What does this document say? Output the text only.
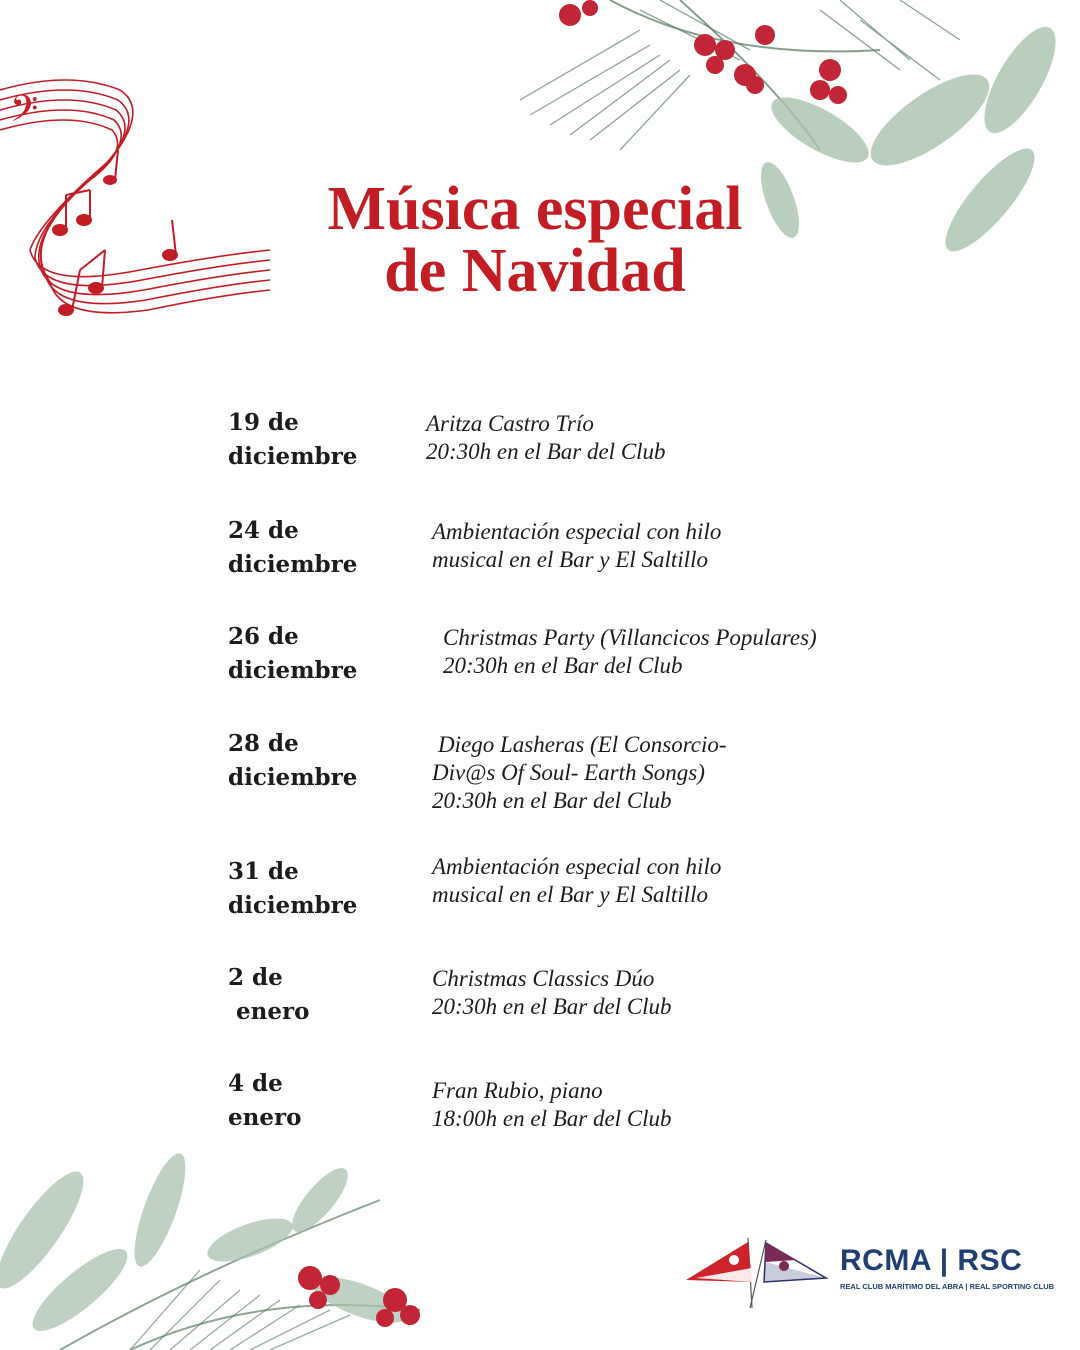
𝄢
Música especial
de Navidad
19 de
diciembre
Aritza Castro Trío
20:30h en el Bar del Club
24 de
diciembre
Ambientación especial con hilo
musical en el Bar y El Saltillo
26 de
diciembre
Christmas Party (Villancicos Populares)
20:30h en el Bar del Club
28 de
diciembre
Diego Lasheras (El Consorcio-
Div@s Of Soul- Earth Songs)
20:30h en el Bar del Club
31 de
diciembre
Ambientación especial con hilo
musical en el Bar y El Saltillo
2 de
enero
Christmas Classics Dúo
20:30h en el Bar del Club
4 de
enero
Fran Rubio, piano
18:00h en el Bar del Club
RCMA | RSC
REAL CLUB MARÍTIMO DEL ABRA | REAL SPORTING CLUB
